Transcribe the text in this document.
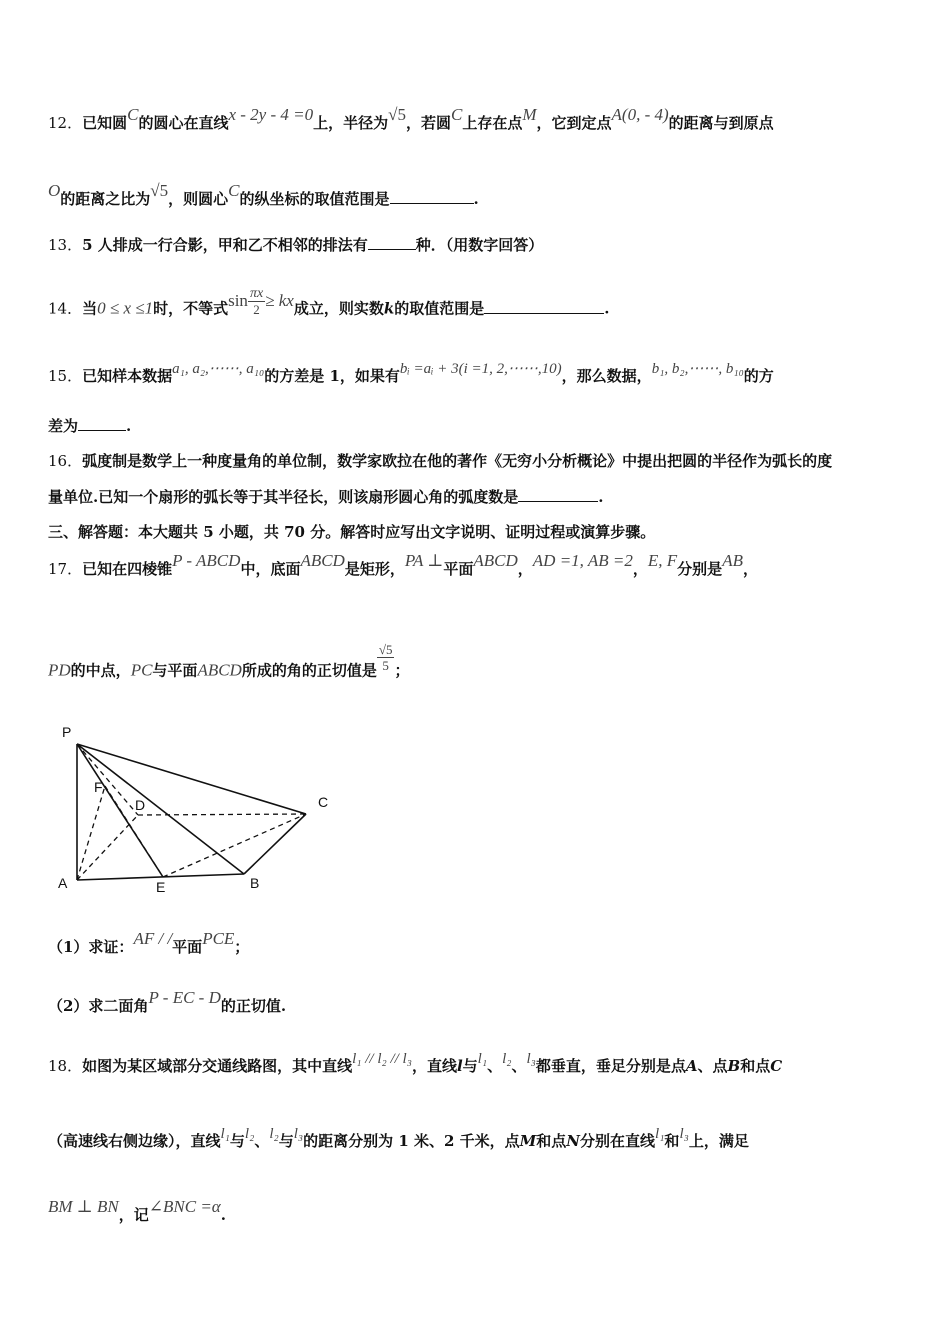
12．已知圆C的圆心在直线x - 2y - 4 =0上，半径为√5，若圆C上存在点M，它到定点A(0, - 4)的距离与到原点
O的距离之比为√5，则圆心C的纵坐标的取值范围是	.
13．5 人排成一行合影，甲和乙不相邻的排法有	种．（用数字回答）
14．当0 ≤ x ≤1时，不等式$\sin \frac{\pi x}{2}$ ≥ kx成立，则实数k的取值范围是	.
15．已知样本数据a₁, a₂,⋯⋯, a₁₀的方差是 1，如果有bᵢ =aᵢ + 3(i =1, 2,⋯⋯,10)，那么数据，b₁, b₂,⋯⋯, b₁₀的方
差为	.
16．弧度制是数学上一种度量角的单位制，数学家欧拉在他的著作《无穷小分析概论》中提出把圆的半径作为弧长的度
量单位.已知一个扇形的弧长等于其半径长，则该扇形圆心角的弧度数是	.
三、解答题：本大题共 5 小题，共 70 分。解答时应写出文字说明、证明过程或演算步骤。
17．已知在四棱锥P - ABCD中，底面ABCD是矩形，PA ⊥平面ABCD，AD =1, AB =2，E, F分别是AB，
PD的中点，PC与平面ABCD所成的角的正切值是 $\frac{√5}{5}$ ；
P
F
D	C
A	E	B
（1）求证：AF / /平面PCE；
（2）求二面角P - EC - D的正切值.
18．如图为某区域部分交通线路图，其中直线l₁ // l₂ // l₃，直线l与l₁、l₂、l₃都垂直，垂足分别是点A、点B和点C
（高速线右侧边缘），直线l₁与l₂、l₂与l₃的距离分别为 1 米、2 千米，点M和点N分别在直线l₁和l₃上，满足
BM ⊥ BN，记∠BNC =α.
